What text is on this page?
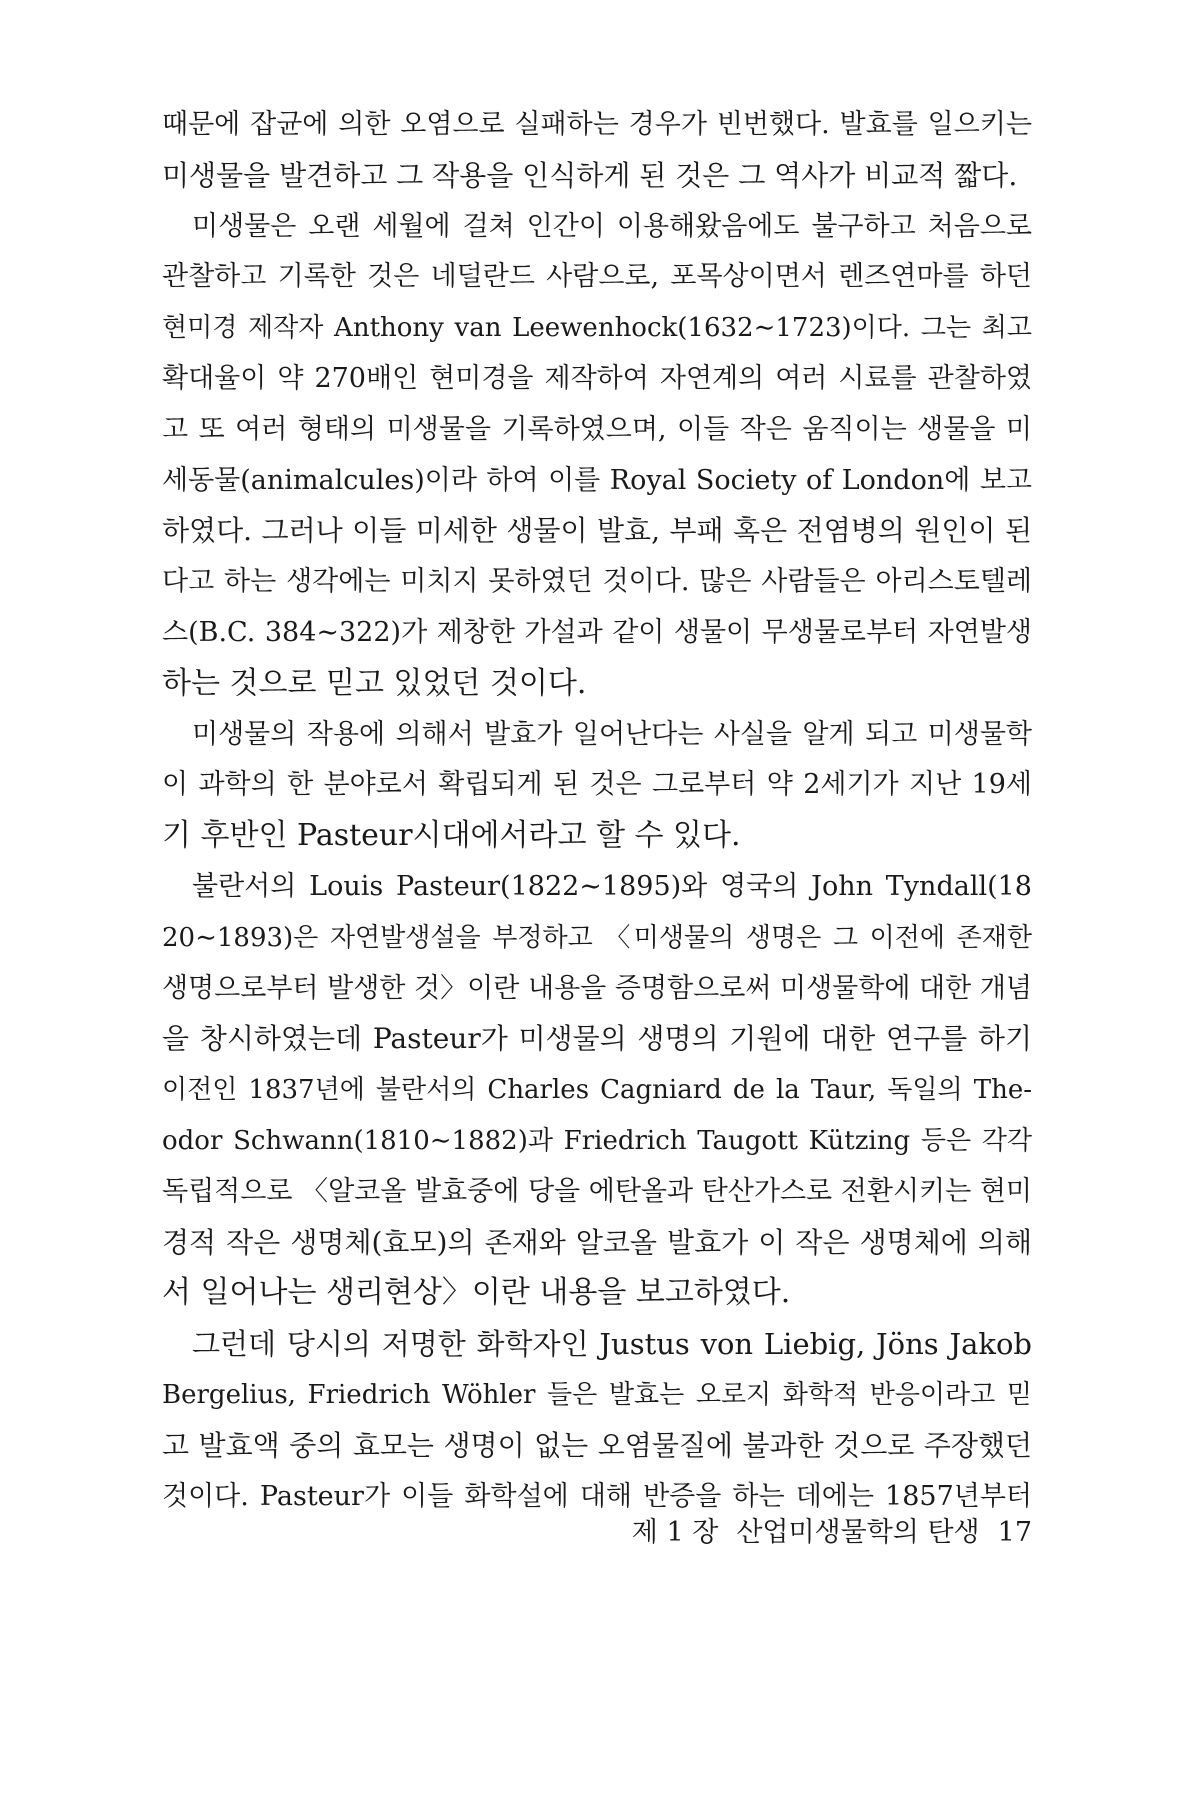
때문에 잡균에 의한 오염으로 실패하는 경우가 빈번했다. 발효를 일으키는
미생물을 발견하고 그 작용을 인식하게 된 것은 그 역사가 비교적 짧다.

미생물은 오랜 세월에 걸쳐 인간이 이용해왔음에도 불구하고 처음으로
관찰하고 기록한 것은 네덜란드 사람으로, 포목상이면서 렌즈연마를 하던
현미경 제작자 Anthony van Leewenhock(1632∼1723)이다. 그는 최고
확대율이 약 270배인 현미경을 제작하여 자연계의 여러 시료를 관찰하였
고 또 여러 형태의 미생물을 기록하였으며, 이들 작은 움직이는 생물을 미
세동물(animalcules)이라 하여 이를 Royal Society of London에 보고
하였다. 그러나 이들 미세한 생물이 발효, 부패 혹은 전염병의 원인이 된
다고 하는 생각에는 미치지 못하였던 것이다. 많은 사람들은 아리스토텔레
스(B.C. 384∼322)가 제창한 가설과 같이 생물이 무생물로부터 자연발생
하는 것으로 믿고 있었던 것이다.

미생물의 작용에 의해서 발효가 일어난다는 사실을 알게 되고 미생물학
이 과학의 한 분야로서 확립되게 된 것은 그로부터 약 2세기가 지난 19세
기 후반인 Pasteur시대에서라고 할 수 있다.

불란서의 Louis Pasteur(1822∼1895)와 영국의 John Tyndall(18
20∼1893)은 자연발생설을 부정하고 〈미생물의 생명은 그 이전에 존재한
생명으로부터 발생한 것〉이란 내용을 증명함으로써 미생물학에 대한 개념
을 창시하였는데 Pasteur가 미생물의 생명의 기원에 대한 연구를 하기
이전인 1837년에 불란서의 Charles Cagniard de la Taur, 독일의 The-
odor Schwann(1810∼1882)과 Friedrich Taugott Kützing 등은 각각
독립적으로 〈알코올 발효중에 당을 에탄올과 탄산가스로 전환시키는 현미
경적 작은 생명체(효모)의 존재와 알코올 발효가 이 작은 생명체에 의해
서 일어나는 생리현상〉이란 내용을 보고하였다.

그런데 당시의 저명한 화학자인 Justus von Liebig, Jöns Jakob
Bergelius, Friedrich Wöhler 들은 발효는 오로지 화학적 반응이라고 믿
고 발효액 중의 효모는 생명이 없는 오염물질에 불과한 것으로 주장했던
것이다. Pasteur가 이들 화학설에 대해 반증을 하는 데에는 1857년부터

제 1 장 산업미생물학의 탄생 17
